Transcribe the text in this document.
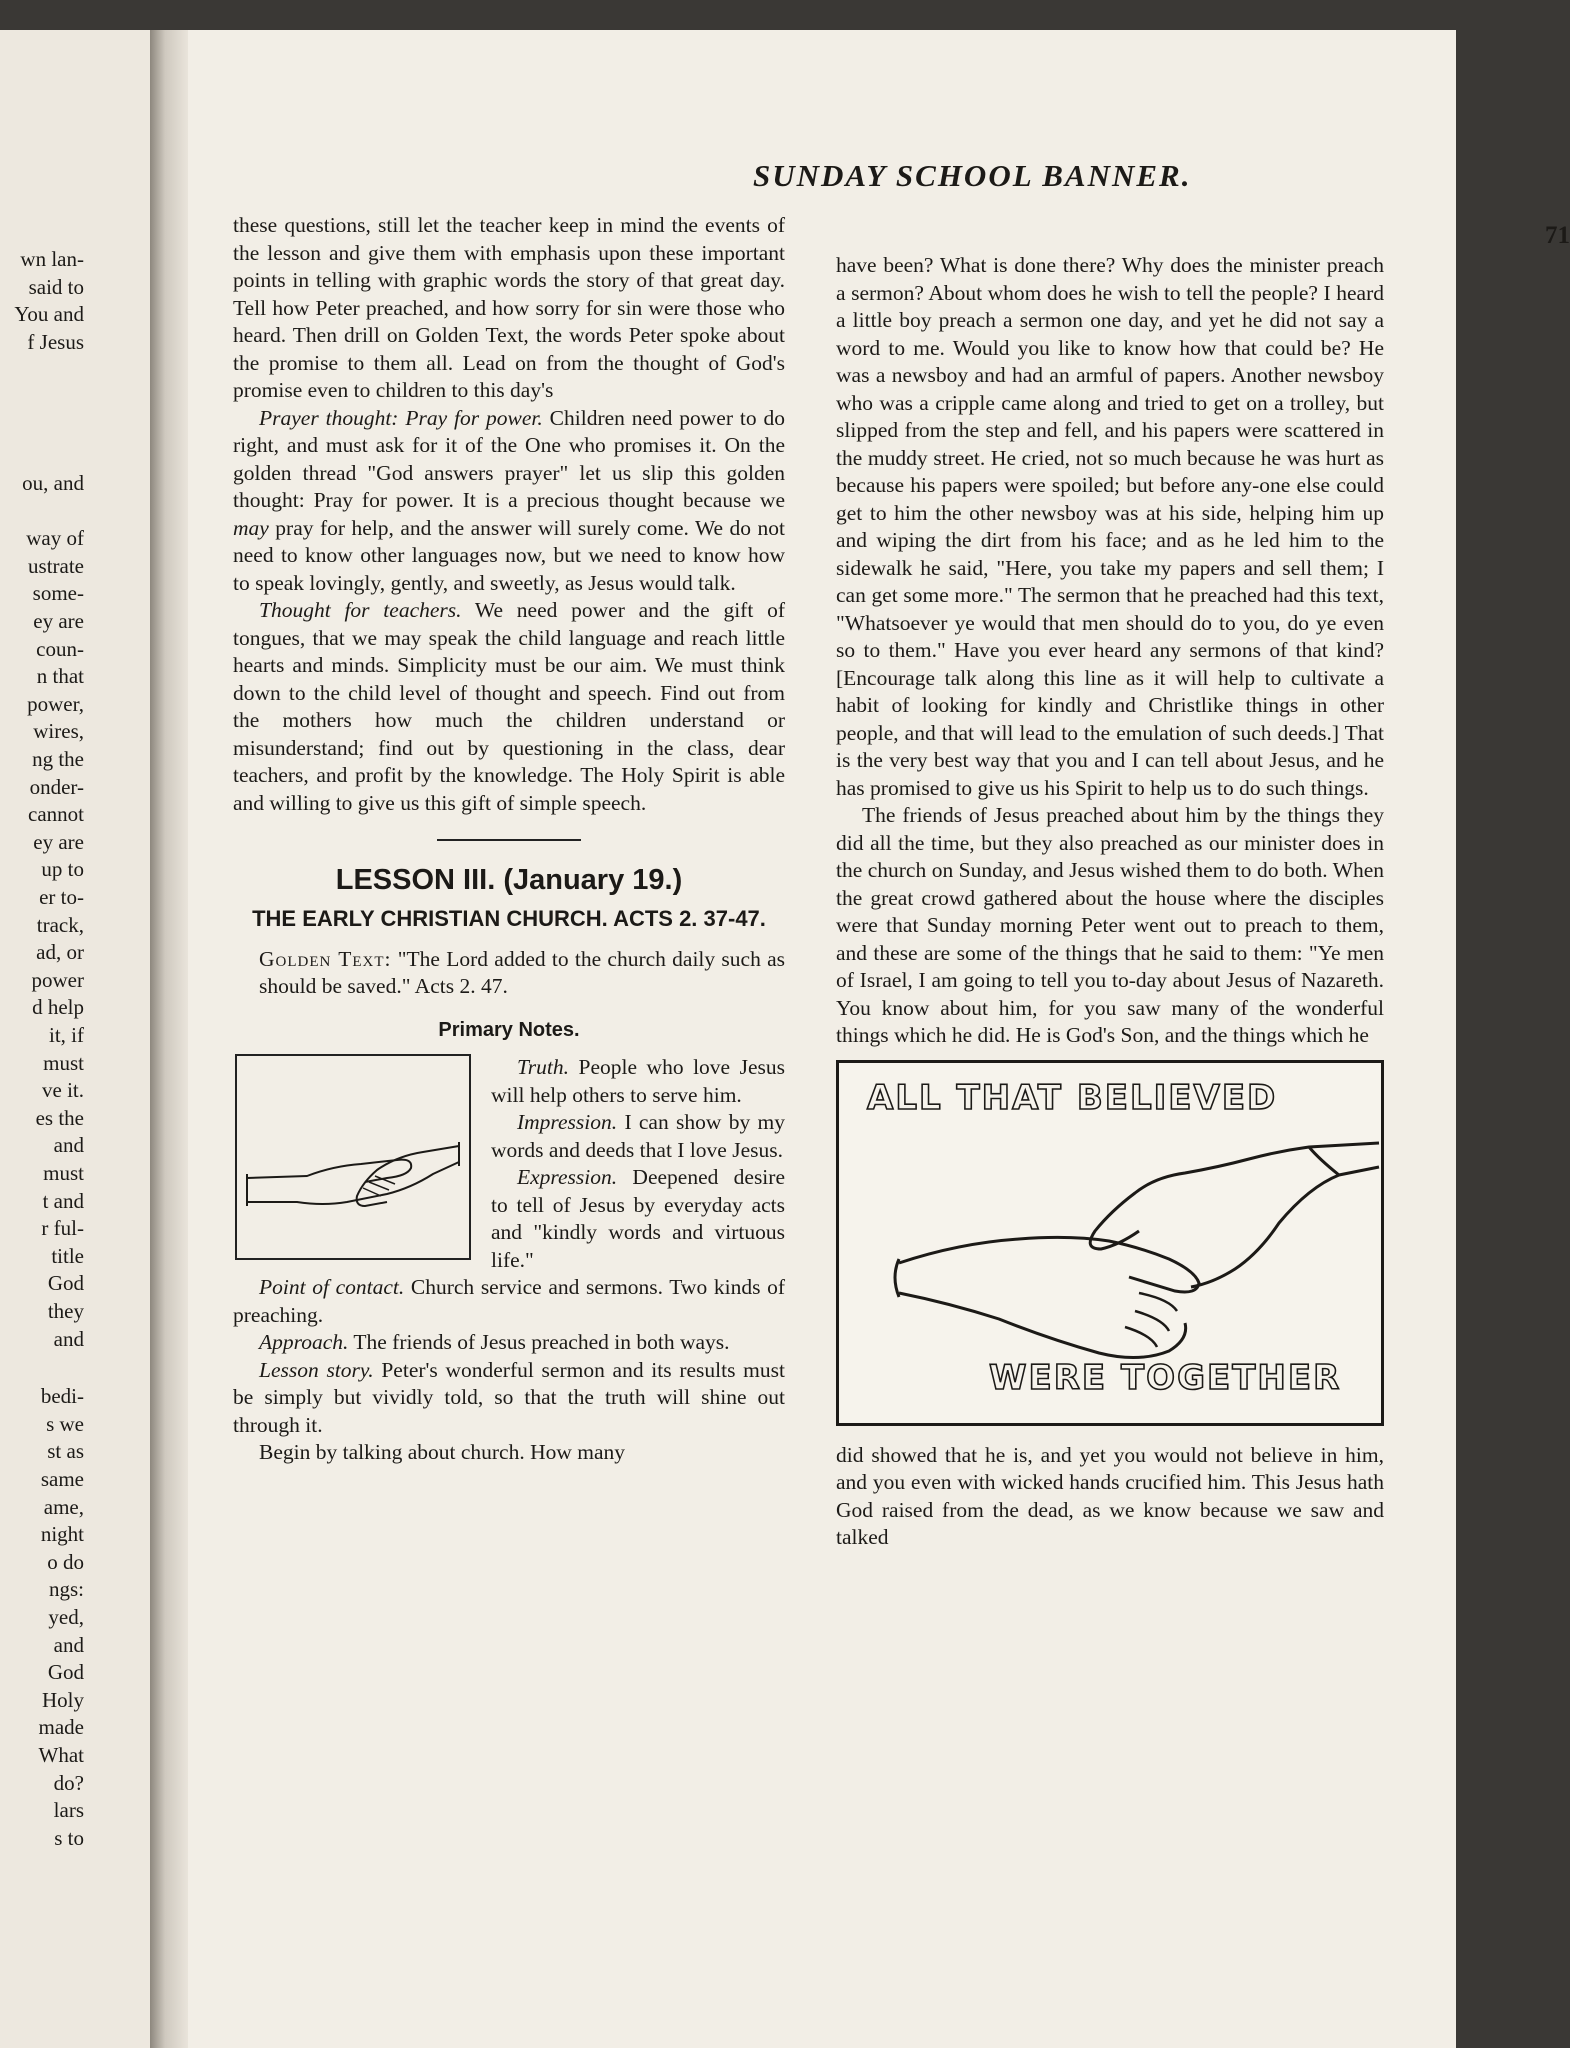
wn lan-
said to
You and
f Jesus
ou, and
way of
ustrate
some-
ey are
coun-
n that
power,
wires,
ng the
onder-
cannot
ey are
up to
er to-
track,
ad, or
power
d help
it, if
must
ve it.
es the
and
must
t and
r ful-
title
God
they
and
bedi-
s we
st as
same
ame,
night
o do
ngs:
yed,
and
God
Holy
made
What
do?
lars
s to
SUNDAY SCHOOL BANNER.
71

these questions, still let the teacher keep in mind the events of the lesson and give them with emphasis upon these important points in telling with graphic words the story of that great day. Tell how Peter preached, and how sorry for sin were those who heard. Then drill on Golden Text, the words Peter spoke about the promise to them all. Lead on from the thought of God's promise even to children to this day's

Prayer thought: Pray for power. Children need power to do right, and must ask for it of the One who promises it. On the golden thread "God answers prayer" let us slip this golden thought: Pray for power. It is a precious thought because we may pray for help, and the answer will surely come. We do not need to know other languages now, but we need to know how to speak lovingly, gently, and sweetly, as Jesus would talk.

Thought for teachers. We need power and the gift of tongues, that we may speak the child language and reach little hearts and minds. Simplicity must be our aim. We must think down to the child level of thought and speech. Find out from the mothers how much the children understand or misunderstand; find out by questioning in the class, dear teachers, and profit by the knowledge. The Holy Spirit is able and willing to give us this gift of simple speech.

LESSON III. (January 19.)
THE EARLY CHRISTIAN CHURCH. ACTS 2. 37-47.
Golden Text: "The Lord added to the church daily such as should be saved." Acts 2. 47.
Primary Notes.

Truth. People who love Jesus will help others to serve him.

Impression. I can show by my words and deeds that I love Jesus.

Expression. Deepened desire to tell of Jesus by everyday acts and "kindly words and virtuous life."

Point of contact. Church service and sermons. Two kinds of preaching.

Approach. The friends of Jesus preached in both ways.

Lesson story. Peter's wonderful sermon and its results must be simply but vividly told, so that the truth will shine out through it.

Begin by talking about church. How many

have been? What is done there? Why does the minister preach a sermon? About whom does he wish to tell the people? I heard a little boy preach a sermon one day, and yet he did not say a word to me. Would you like to know how that could be? He was a newsboy and had an armful of papers. Another newsboy who was a cripple came along and tried to get on a trolley, but slipped from the step and fell, and his papers were scattered in the muddy street. He cried, not so much because he was hurt as because his papers were spoiled; but before any-one else could get to him the other newsboy was at his side, helping him up and wiping the dirt from his face; and as he led him to the sidewalk he said, "Here, you take my papers and sell them; I can get some more." The sermon that he preached had this text, "Whatsoever ye would that men should do to you, do ye even so to them." Have you ever heard any sermons of that kind? [Encourage talk along this line as it will help to cultivate a habit of looking for kindly and Christlike things in other people, and that will lead to the emulation of such deeds.] That is the very best way that you and I can tell about Jesus, and he has promised to give us his Spirit to help us to do such things.

The friends of Jesus preached about him by the things they did all the time, but they also preached as our minister does in the church on Sunday, and Jesus wished them to do both. When the great crowd gathered about the house where the disciples were that Sunday morning Peter went out to preach to them, and these are some of the things that he said to them: "Ye men of Israel, I am going to tell you to-day about Jesus of Nazareth. You know about him, for you saw many of the wonderful things which he did. He is God's Son, and the things which he

ALL THAT BELIEVED
WERE TOGETHER

did showed that he is, and yet you would not believe in him, and you even with wicked hands crucified him. This Jesus hath God raised from the dead, as we know because we saw and talked
